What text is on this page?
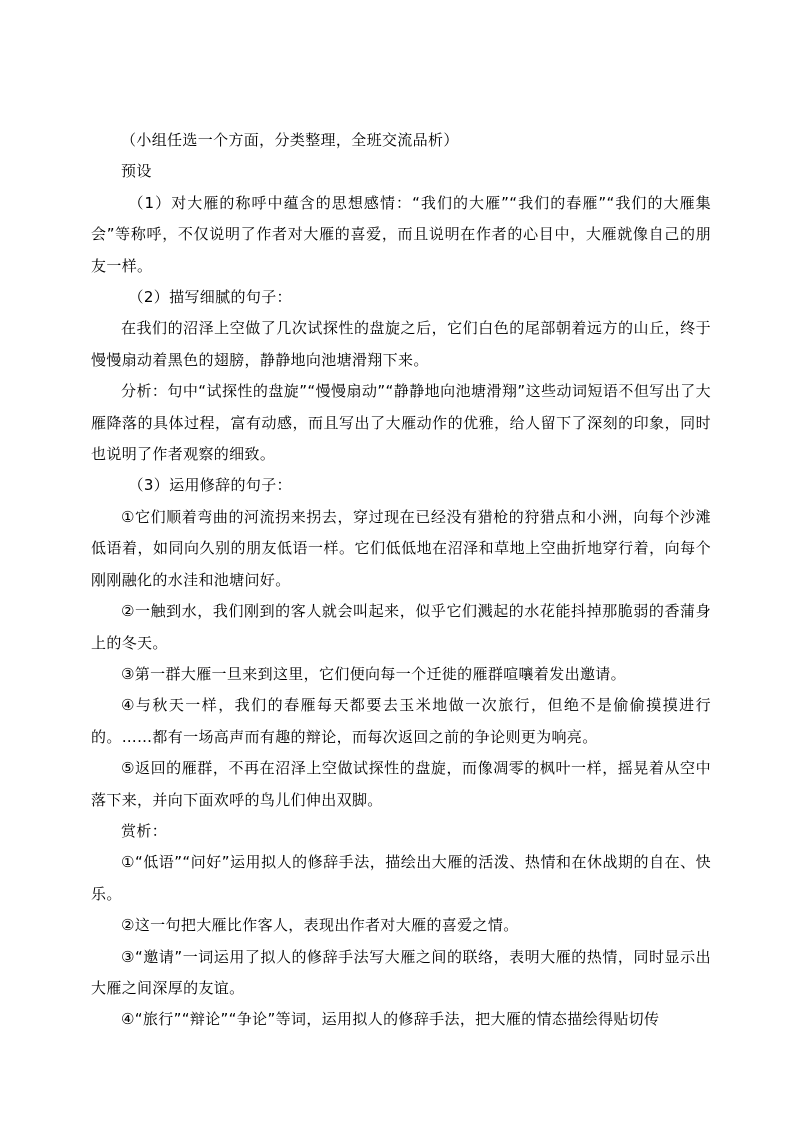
（小组任选一个方面，分类整理，全班交流品析）

预设

（1）对大雁的称呼中蕴含的思想感情：“我们的大雁”“我们的春雁”“我们的大雁集会”等称呼，不仅说明了作者对大雁的喜爱，而且说明在作者的心目中，大雁就像自己的朋友一样。

（2）描写细腻的句子：

在我们的沼泽上空做了几次试探性的盘旋之后，它们白色的尾部朝着远方的山丘，终于慢慢扇动着黑色的翅膀，静静地向池塘滑翔下来。

分析：句中“试探性的盘旋”“慢慢扇动”“静静地向池塘滑翔”这些动词短语不但写出了大雁降落的具体过程，富有动感，而且写出了大雁动作的优雅，给人留下了深刻的印象，同时也说明了作者观察的细致。

（3）运用修辞的句子：

①它们顺着弯曲的河流拐来拐去，穿过现在已经没有猎枪的狩猎点和小洲，向每个沙滩低语着，如同向久别的朋友低语一样。它们低低地在沼泽和草地上空曲折地穿行着，向每个刚刚融化的水洼和池塘问好。

②一触到水，我们刚到的客人就会叫起来，似乎它们溅起的水花能抖掉那脆弱的香蒲身上的冬天。

③第一群大雁一旦来到这里，它们便向每一个迁徙的雁群喧嚷着发出邀请。

④与秋天一样，我们的春雁每天都要去玉米地做一次旅行，但绝不是偷偷摸摸进行的。……都有一场高声而有趣的辩论，而每次返回之前的争论则更为响亮。

⑤返回的雁群，不再在沼泽上空做试探性的盘旋，而像凋零的枫叶一样，摇晃着从空中落下来，并向下面欢呼的鸟儿们伸出双脚。

赏析：

①“低语”“问好”运用拟人的修辞手法，描绘出大雁的活泼、热情和在休战期的自在、快乐。

②这一句把大雁比作客人，表现出作者对大雁的喜爱之情。

③“邀请”一词运用了拟人的修辞手法写大雁之间的联络，表明大雁的热情，同时显示出大雁之间深厚的友谊。

④“旅行”“辩论”“争论”等词，运用拟人的修辞手法，把大雁的情态描绘得贴切传
